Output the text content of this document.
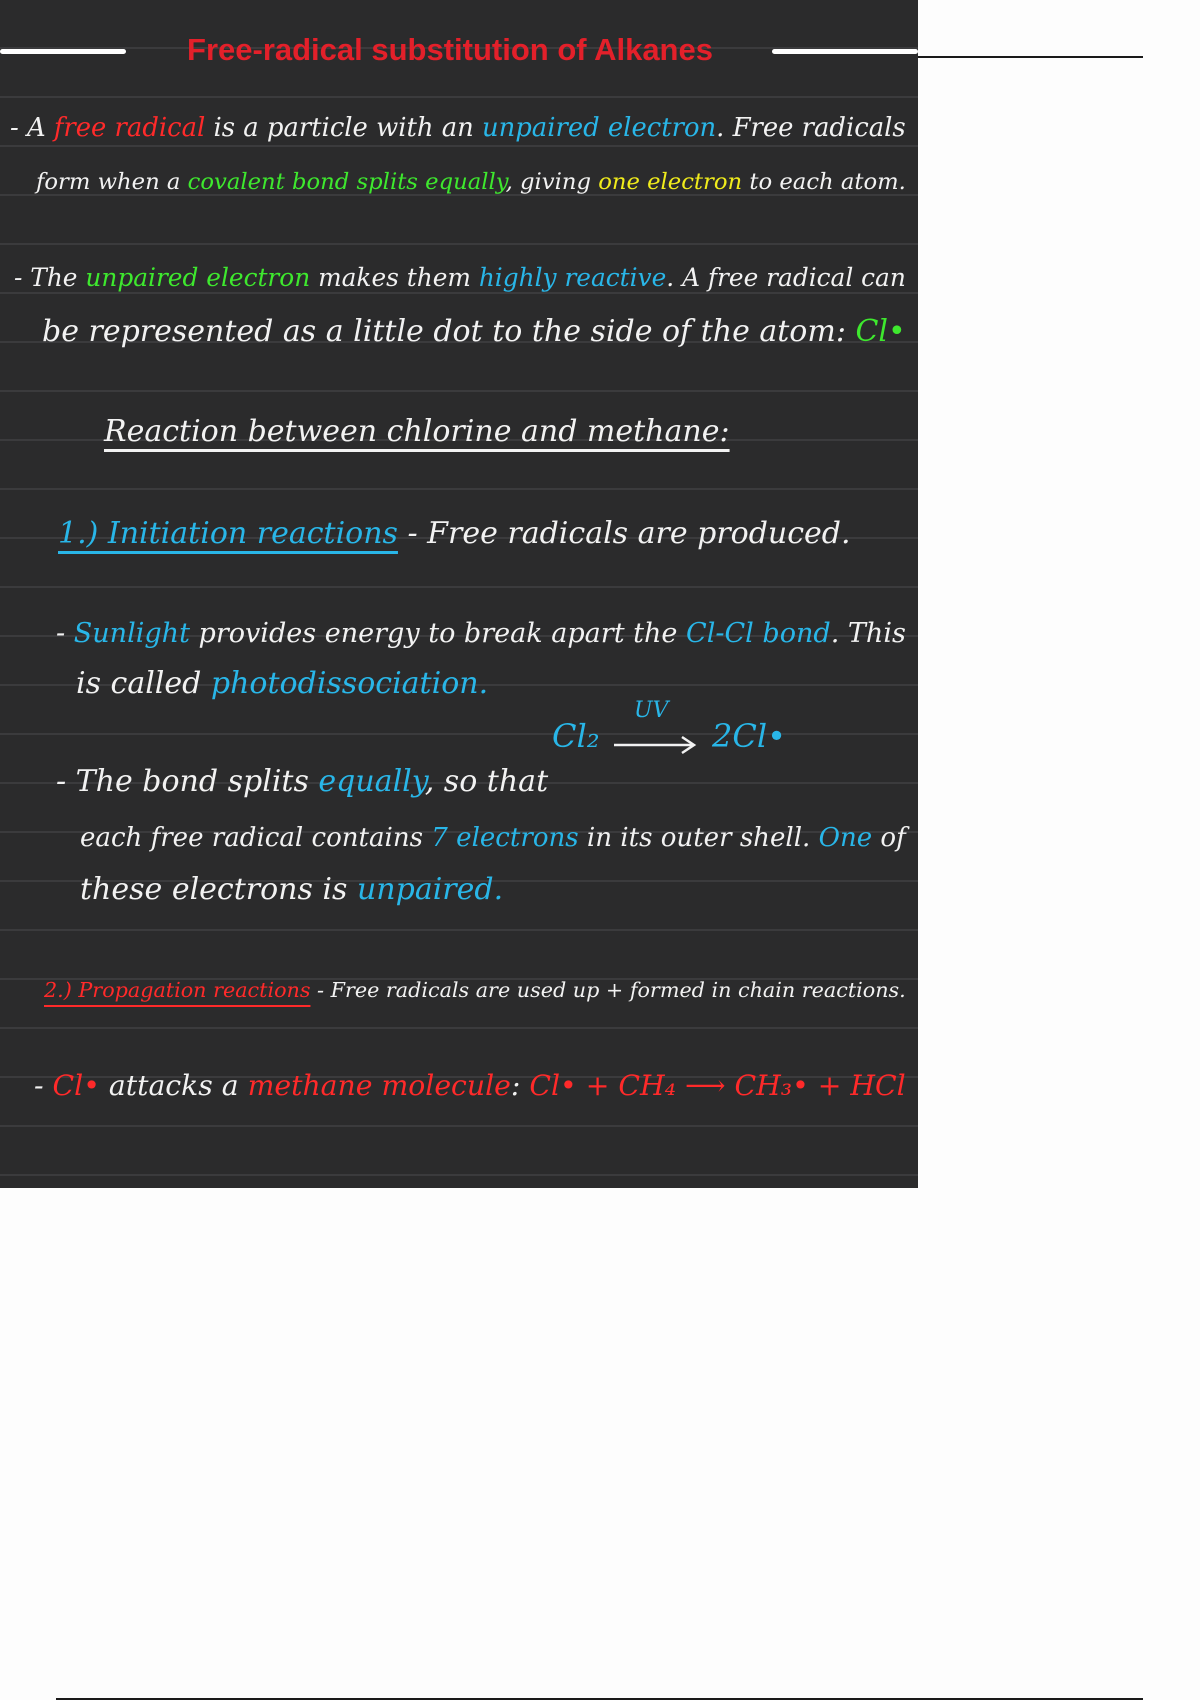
Free-radical substitution of Alkanes
- A free radical is a particle with an unpaired electron. Free radicals
form when a covalent bond splits equally, giving one electron to each atom.
- The unpaired electron makes them highly reactive. A free radical can
be represented as a little dot to the side of the atom: Cl•
Reaction between chlorine and methane:
1.) Initiation reactions - Free radicals are produced.
- Sunlight provides energy to break apart the Cl-Cl bond. This
is called photodissociation.
Cl₂
UV
2Cl•
- The bond splits equally, so that
each free radical contains 7 electrons in its outer shell. One of
these electrons is unpaired.
2.) Propagation reactions - Free radicals are used up + formed in chain reactions.
- Cl• attacks a methane molecule: Cl• + CH₄ ⟶ CH₃• + HCl
